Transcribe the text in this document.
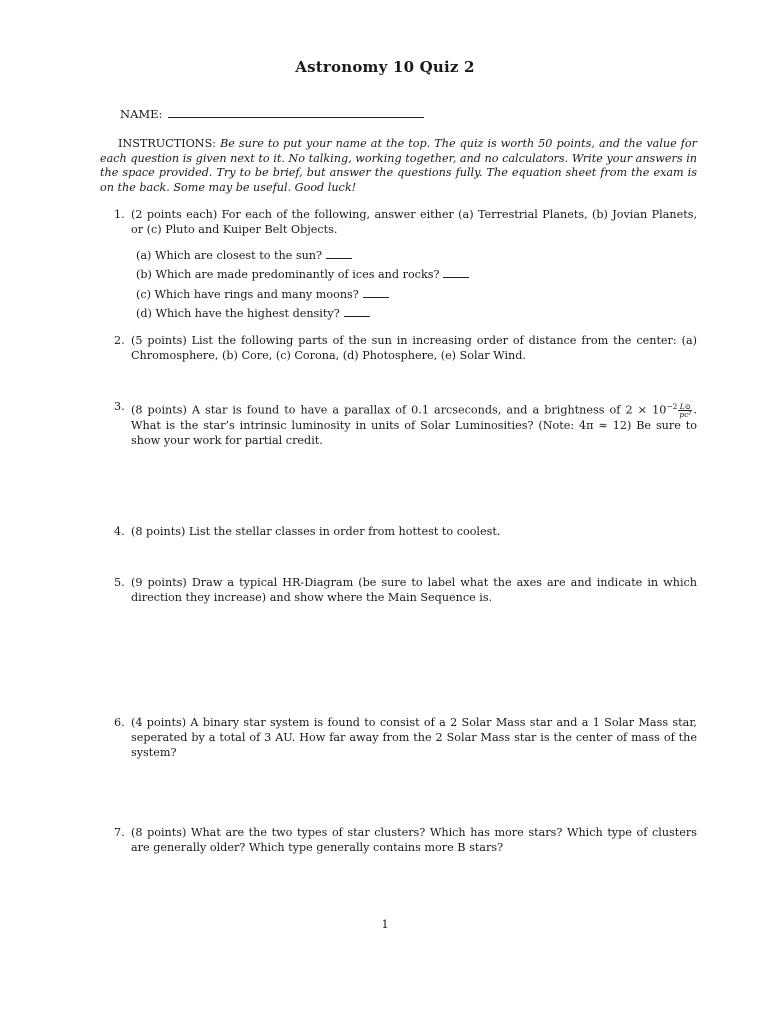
Astronomy 10 Quiz 2
NAME:
INSTRUCTIONS: Be sure to put your name at the top. The quiz is worth 50 points, and the value for each question is given next to it. No talking, working together, and no calculators. Write your answers in the space provided. Try to be brief, but answer the questions fully. The equation sheet from the exam is on the back. Some may be useful. Good luck!
1. (2 points each) For each of the following, answer either (a) Terrestrial Planets, (b) Jovian Planets, or (c) Pluto and Kuiper Belt Objects.
(a) Which are closest to the sun?
(b) Which are made predominantly of ices and rocks?
(c) Which have rings and many moons?
(d) Which have the highest density?
2. (5 points) List the following parts of the sun in increasing order of distance from the center: (a) Chromosphere, (b) Core, (c) Corona, (d) Photosphere, (e) Solar Wind.
3. (8 points) A star is found to have a parallax of 0.1 arcseconds, and a brightness of $2 \times 10^{-2} \frac{L⊙}{\text{pc²}}$ . What is the star’s intrinsic luminosity in units of Solar Luminosities? (Note: 4π ≈ 12) Be sure to show your work for partial credit.
4. (8 points) List the stellar classes in order from hottest to coolest.
5. (9 points) Draw a typical HR-Diagram (be sure to label what the axes are and indicate in which direction they increase) and show where the Main Sequence is.
6. (4 points) A binary star system is found to consist of a 2 Solar Mass star and a 1 Solar Mass star, seperated by a total of 3 AU. How far away from the 2 Solar Mass star is the center of mass of the system?
7. (8 points) What are the two types of star clusters? Which has more stars? Which type of clusters are generally older? Which type generally contains more B stars?
1
